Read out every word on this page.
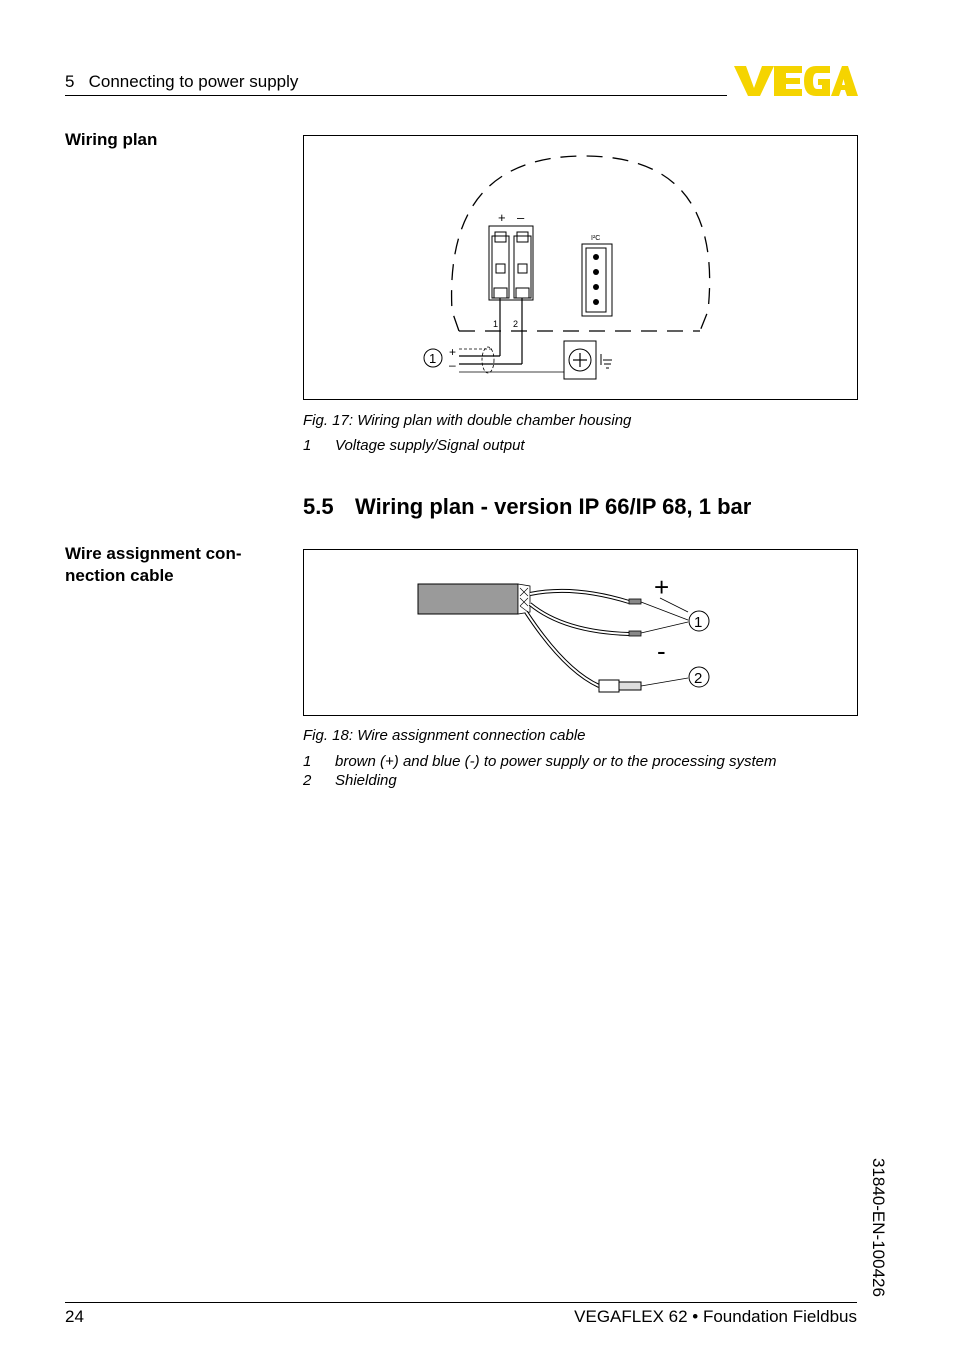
5   Connecting to power supply
Wiring plan
+ –
1 2
I²C
1 +
–
Fig. 17: Wiring plan with double chamber housing
1 Voltage supply/Signal output
5.5 Wiring plan - version IP 66/IP 68, 1 bar
Wire assignment con-nection cable	+
-
1
2
Fig. 18: Wire assignment connection cable
1 brown (+) and blue (-) to power supply or to the processing system
2 Shielding
31840-EN-100426
24	VEGAFLEX 62 • Foundation Fieldbus
